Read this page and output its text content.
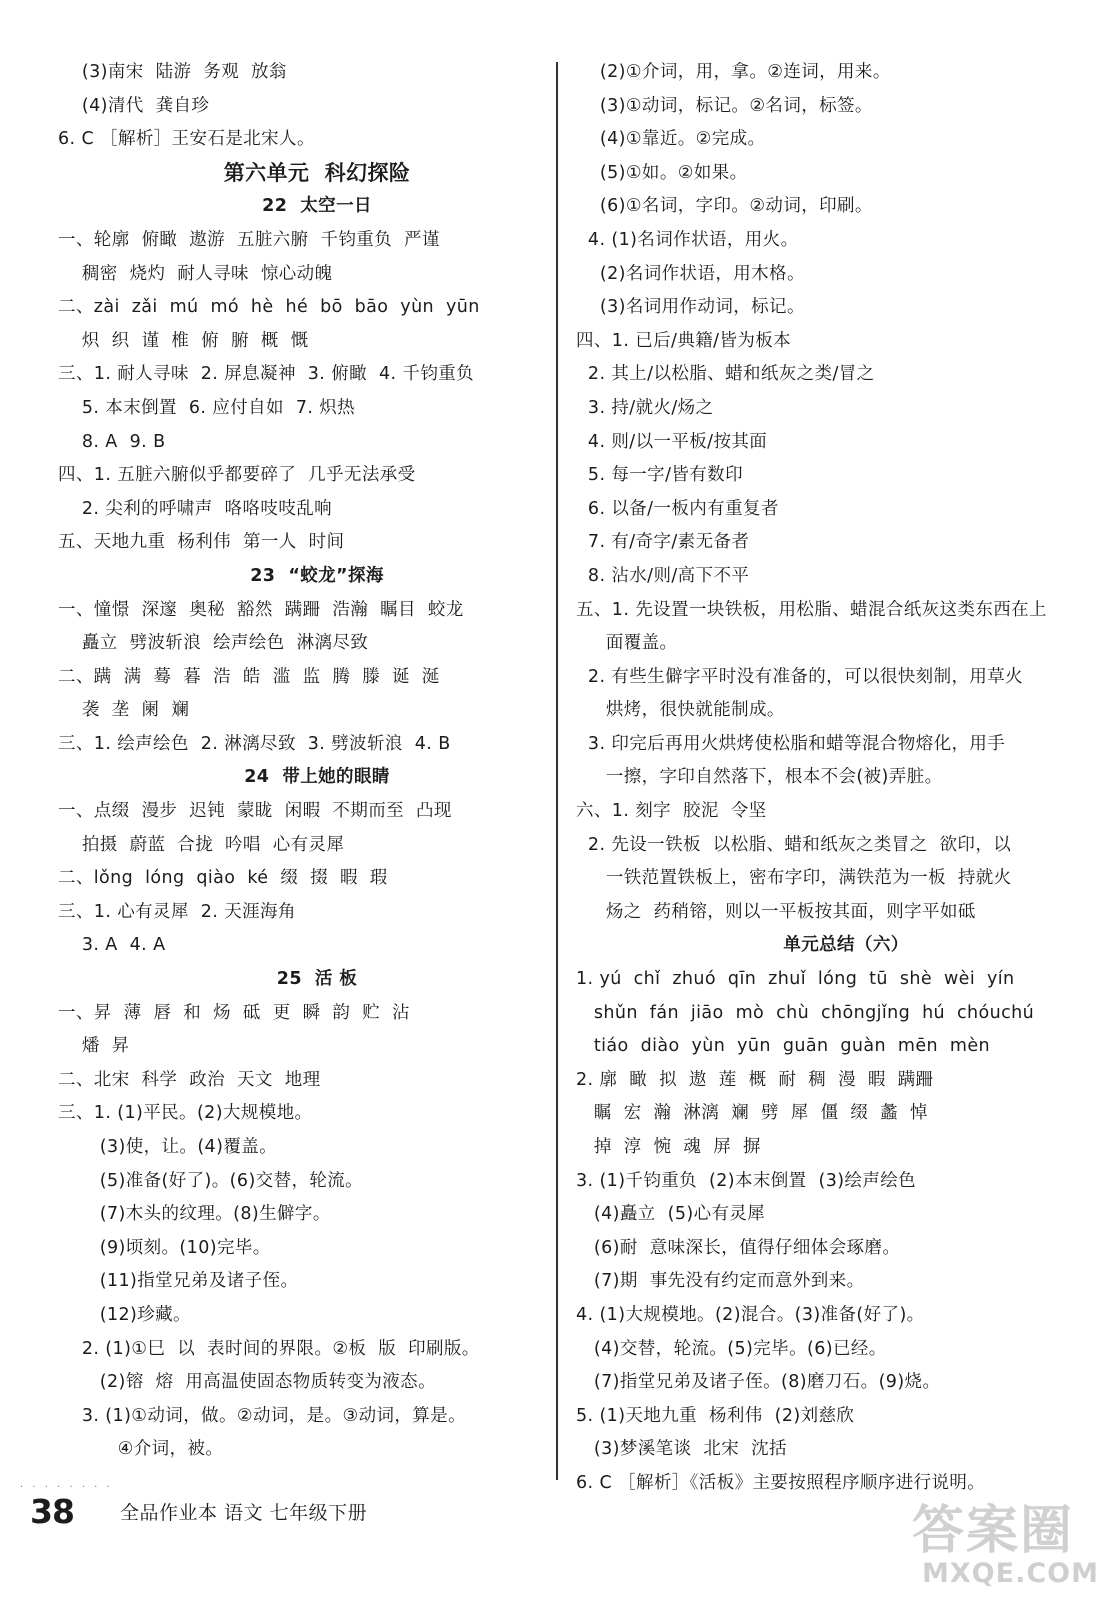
(3)南宋  陆游  务观  放翁
(4)清代  龚自珍
6. C ［解析］王安石是北宋人。
第六单元  科幻探险
22  太空一日
一、轮廓  俯瞰  遨游  五脏六腑  千钧重负  严谨
稠密  烧灼  耐人寻味  惊心动魄
二、zài  zǎi  mú  mó  hè  hé  bō  bāo  yùn  yūn
炽  织  谨  椎  俯  腑  概  慨
三、1. 耐人寻味  2. 屏息凝神  3. 俯瞰  4. 千钧重负
5. 本末倒置  6. 应付自如  7. 炽热
8. A  9. B
四、1. 五脏六腑似乎都要碎了  几乎无法承受
2. 尖利的呼啸声  咯咯吱吱乱响
五、天地九重  杨利伟  第一人  时间
23  “蛟龙”探海
一、憧憬  深邃  奥秘  豁然  蹒跚  浩瀚  瞩目  蛟龙
矗立  劈波斩浪  绘声绘色  淋漓尽致
二、蹒  满  蓦  暮  浩  皓  滥  监  腾  滕  诞  涎
袭  垄  阑  斓
三、1. 绘声绘色  2. 淋漓尽致  3. 劈波斩浪  4. B
24  带上她的眼睛
一、点缀  漫步  迟钝  蒙眬  闲暇  不期而至  凸现
拍摄  蔚蓝  合拢  吟唱  心有灵犀
二、lǒng  lóng  qiào  ké  缀  掇  暇  瑕
三、1. 心有灵犀  2. 天涯海角
3. A  4. A
25  活 板
一、昇  薄  唇  和  炀  砥  更  瞬  韵  贮  沾
燔  昇
二、北宋  科学  政治  天文  地理
三、1. (1)平民。(2)大规模地。
(3)使，让。(4)覆盖。
(5)准备(好了)。(6)交替，轮流。
(7)木头的纹理。(8)生僻字。
(9)顷刻。(10)完毕。
(11)指堂兄弟及诸子侄。
(12)珍藏。
2. (1)①巳  以  表时间的界限。②板  版  印刷版。
(2)镕  熔  用高温使固态物质转变为液态。
3. (1)①动词，做。②动词，是。③动词，算是。
④介词，被。
(2)①介词，用，拿。②连词，用来。
(3)①动词，标记。②名词，标签。
(4)①靠近。②完成。
(5)①如。②如果。
(6)①名词，字印。②动词，印刷。
4. (1)名词作状语，用火。
(2)名词作状语，用木格。
(3)名词用作动词，标记。
四、1. 已后/典籍/皆为板本
2. 其上/以松脂、蜡和纸灰之类/冒之
3. 持/就火/炀之
4. 则/以一平板/按其面
5. 每一字/皆有数印
6. 以备/一板内有重复者
7. 有/奇字/素无备者
8. 沾水/则/高下不平
五、1. 先设置一块铁板，用松脂、蜡混合纸灰这类东西在上
面覆盖。
2. 有些生僻字平时没有准备的，可以很快刻制，用草火
烘烤，很快就能制成。
3. 印完后再用火烘烤使松脂和蜡等混合物熔化，用手
一擦，字印自然落下，根本不会(被)弄脏。
六、1. 刻字  胶泥  令坚
2. 先设一铁板  以松脂、蜡和纸灰之类冒之  欲印，以
一铁范置铁板上，密布字印，满铁范为一板  持就火
炀之  药稍镕，则以一平板按其面，则字平如砥
单元总结（六）
1. yú  chǐ  zhuó  qīn  zhuǐ  lóng  tū  shè  wèi  yín
shǔn  fán  jiāo  mò  chù  chōngjǐng  hú  chóuchú
tiáo  diào  yùn  yūn  guān  guàn  mēn  mèn
2. 廓  瞰  拟  遨  莲  概  耐  稠  漫  暇  蹒跚
瞩  宏  瀚  淋漓  斓  劈  犀  僵  缀  蠡  悼
掉  淳  惋  魂  屏  摒
3. (1)千钧重负  (2)本末倒置  (3)绘声绘色
(4)矗立  (5)心有灵犀
(6)耐  意味深长，值得仔细体会琢磨。
(7)期  事先没有约定而意外到来。
4. (1)大规模地。(2)混合。(3)准备(好了)。
(4)交替，轮流。(5)完毕。(6)已经。
(7)指堂兄弟及诸子侄。(8)磨刀石。(9)烧。
5. (1)天地九重  杨利伟  (2)刘慈欣
(3)梦溪笔谈  北宋  沈括
6. C ［解析］《活板》主要按照程序顺序进行说明。
· · · · · · · ·
38 全品作业本 语文 七年级下册	答案圈
MXQE.COM
